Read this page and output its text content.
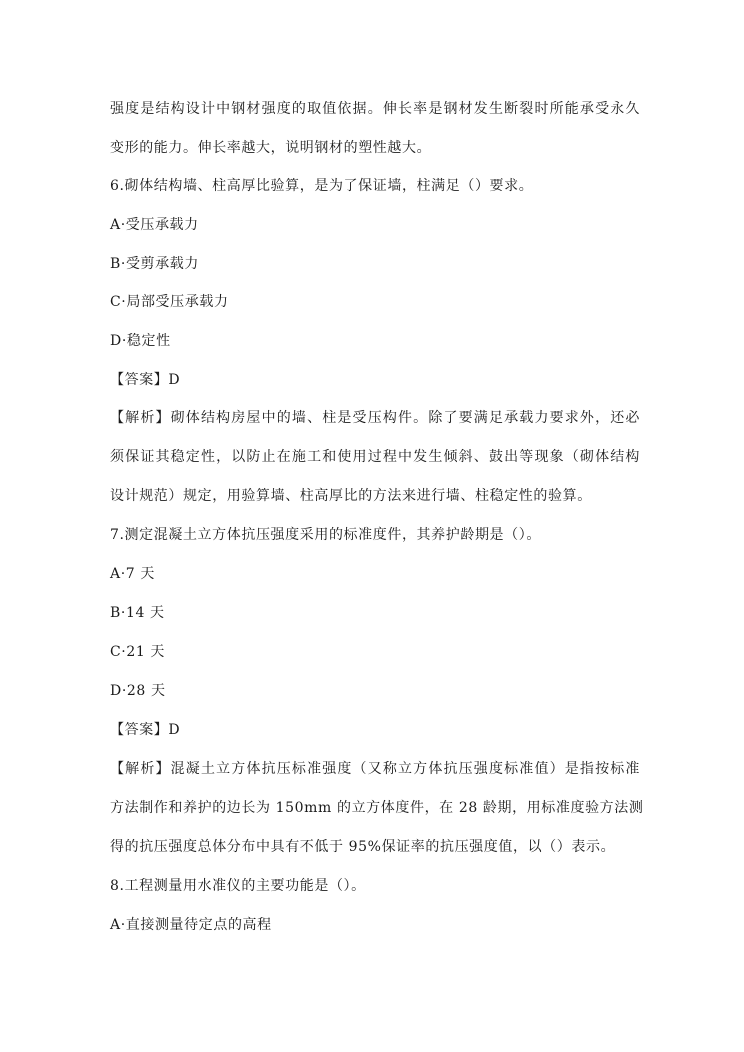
强度是结构设计中钢材强度的取值依据。伸长率是钢材发生断裂时所能承受永久
变形的能力。伸长率越大，说明钢材的塑性越大。
6.砌体结构墙、柱高厚比验算，是为了保证墙，柱满足（）要求。
A·受压承载力
B·受剪承载力
C·局部受压承载力
D·稳定性
【答案】D
【解析】砌体结构房屋中的墙、柱是受压构件。除了要满足承载力要求外，还必
须保证其稳定性，以防止在施工和使用过程中发生倾斜、鼓出等现象（砌体结构
设计规范）规定，用验算墙、柱高厚比的方法来进行墙、柱稳定性的验算。
7.测定混凝土立方体抗压强度采用的标准度件，其养护龄期是（）。
A·7 天
B·14 天
C·21 天
D·28 天
【答案】D
【解析】混凝土立方体抗压标准强度（又称立方体抗压强度标准值）是指按标准
方法制作和养护的边长为 150mm 的立方体度件，在 28 龄期，用标准度验方法测
得的抗压强度总体分布中具有不低于 95%保证率的抗压强度值，以（）表示。
8.工程测量用水准仪的主要功能是（）。
A·直接测量待定点的高程
